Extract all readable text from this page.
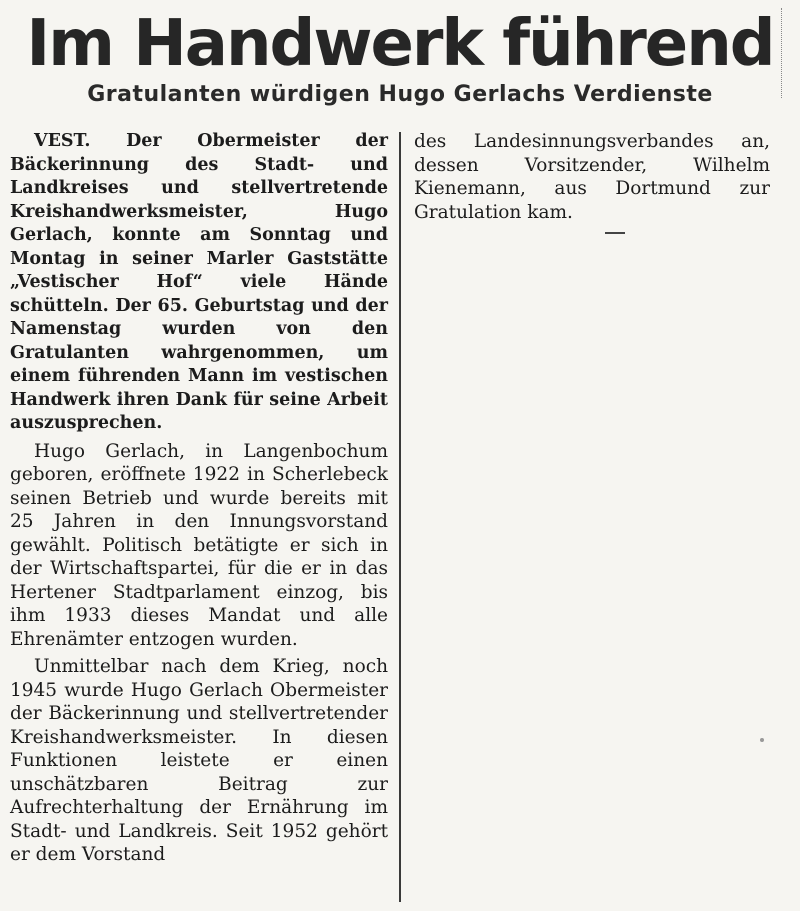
Im Handwerk führend
Gratulanten würdigen Hugo Gerlachs Verdienste

VEST. Der Obermeister der Bäckerinnung des Stadt- und Landkreises und stellvertretende Kreishandwerksmeister, Hugo Gerlach, konnte am Sonntag und Montag in seiner Marler Gaststätte „Vestischer Hof“ viele Hände schütteln. Der 65. Geburtstag und der Namenstag wurden von den Gratulanten wahrgenommen, um einem führenden Mann im vestischen Handwerk ihren Dank für seine Arbeit auszusprechen.

Hugo Gerlach, in Langenbochum geboren, eröffnete 1922 in Scherlebeck seinen Betrieb und wurde bereits mit 25 Jahren in den Innungsvorstand gewählt. Politisch betätigte er sich in der Wirtschaftspartei, für die er in das Hertener Stadtparlament einzog, bis ihm 1933 dieses Mandat und alle Ehrenämter entzogen wurden.

Unmittelbar nach dem Krieg, noch 1945 wurde Hugo Gerlach Obermeister der Bäckerinnung und stellvertretender Kreishandwerksmeister. In diesen Funktionen leistete er einen unschätzbaren Beitrag zur Aufrechterhaltung der Ernährung im Stadt- und Landkreis. Seit 1952 gehört er dem Vorstand

des Landesinnungsverbandes an, dessen Vorsitzender, Wilhelm Kienemann, aus Dortmund zur Gratulation kam.
